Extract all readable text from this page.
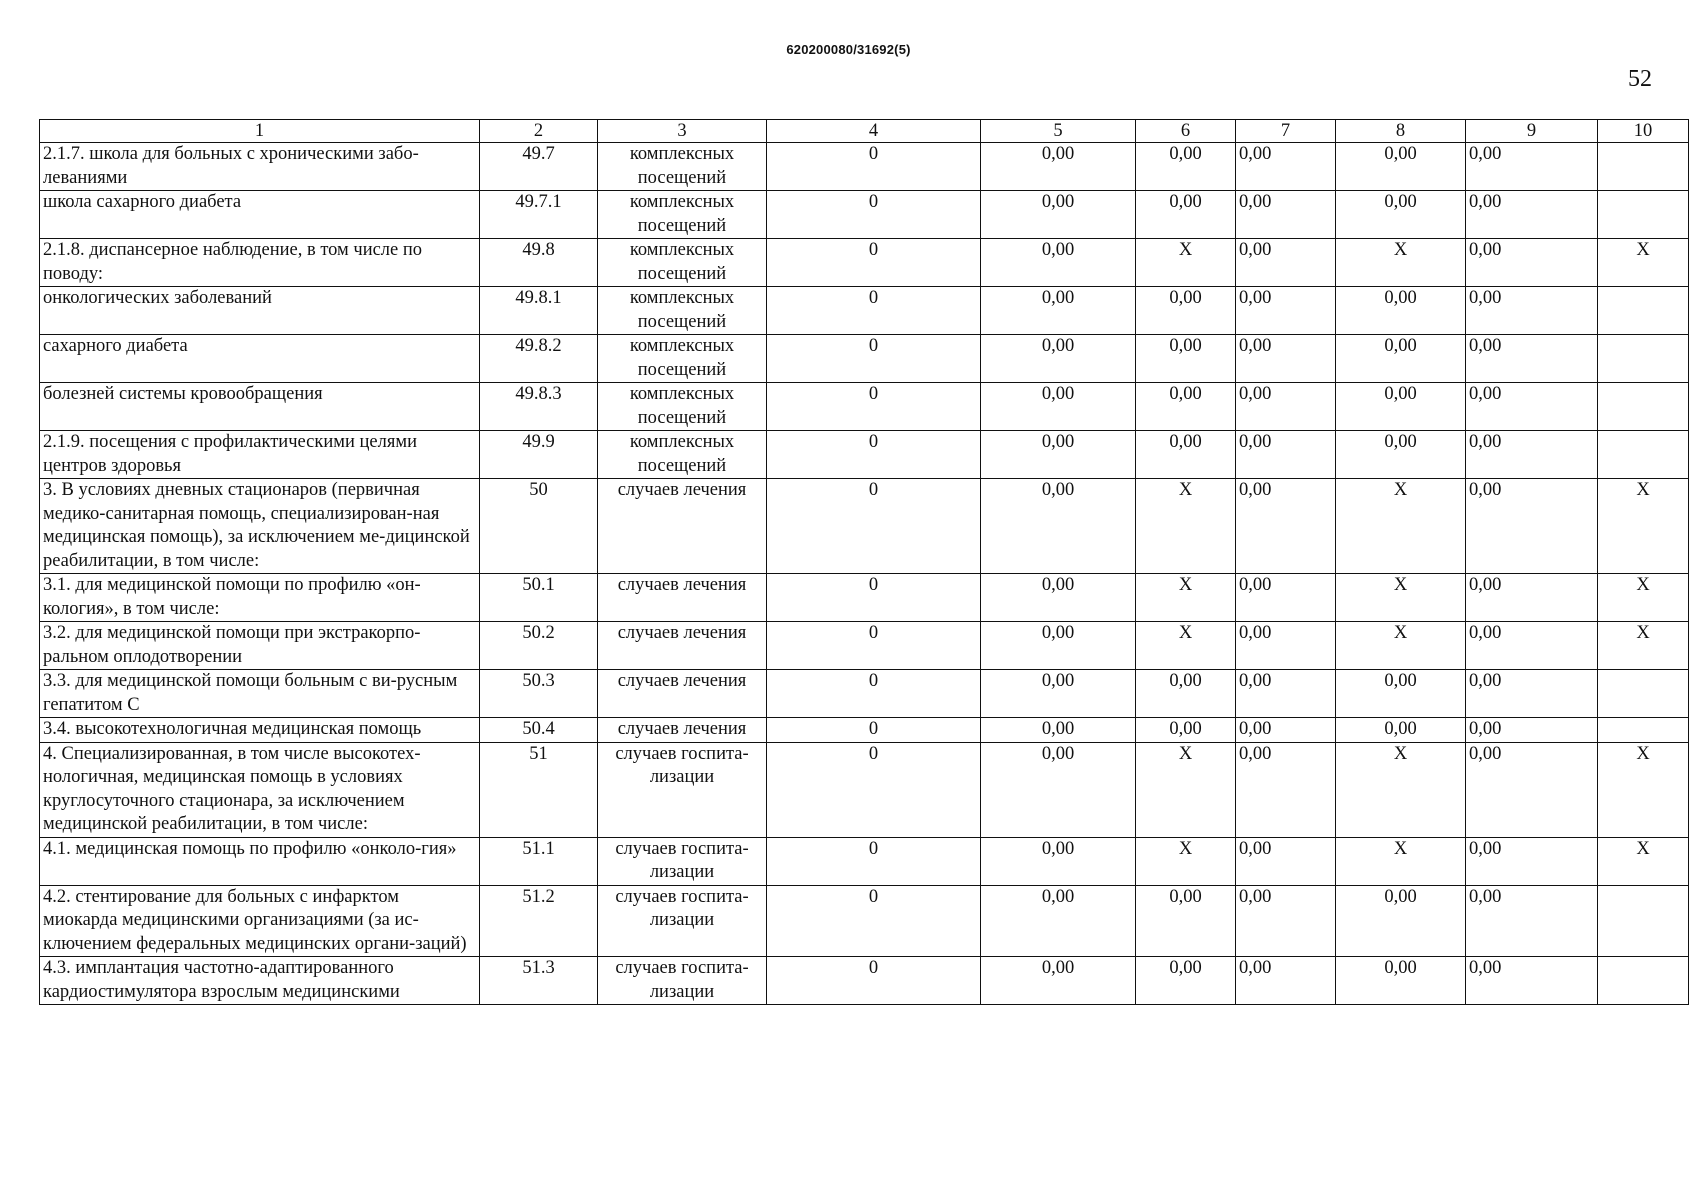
620200080/31692(5)
52
1	2	3	4	5	6	7	8	9	10
2.1.7. школа для больных с хроническими забо-левaниями	49.7	комплексных посещений	0	0,00	0,00	0,00	0,00	0,00	
школа сахарного диабета	49.7.1	комплексных посещений	0	0,00	0,00	0,00	0,00	0,00	
2.1.8. диспансерное наблюдение, в том числе по поводу:	49.8	комплексных посещений	0	0,00	X	0,00	X	0,00	X
онкологических заболеваний	49.8.1	комплексных посещений	0	0,00	0,00	0,00	0,00	0,00	
сахарного диабета	49.8.2	комплексных посещений	0	0,00	0,00	0,00	0,00	0,00	
болезней системы кровообращения	49.8.3	комплексных посещений	0	0,00	0,00	0,00	0,00	0,00	
2.1.9. посещения с профилактическими целями центров здоровья	49.9	комплексных посещений	0	0,00	0,00	0,00	0,00	0,00	
3. В условиях дневных стационаров (первичная медико-санитарная помощь, специализирован-ная медицинская помощь), за исключением ме-дицинской реабилитации, в том числе:	50	случаев лечения	0	0,00	X	0,00	X	0,00	X
3.1. для медицинской помощи по профилю «он-кология», в том числе:	50.1	случаев лечения	0	0,00	X	0,00	X	0,00	X
3.2. для медицинской помощи при экстракорпо-ральном оплодотворении	50.2	случаев лечения	0	0,00	X	0,00	X	0,00	X
3.3. для медицинской помощи больным с ви-русным гепатитом С	50.3	случаев лечения	0	0,00	0,00	0,00	0,00	0,00	
3.4. высокотехнологичная медицинская помощь	50.4	случаев лечения	0	0,00	0,00	0,00	0,00	0,00	
4. Специализированная, в том числе высокотех-нологичная, медицинская помощь в условиях круглосуточного стационара, за исключением медицинской реабилитации, в том числе:	51	случаев госпита-лизации	0	0,00	X	0,00	X	0,00	X
4.1. медицинская помощь по профилю «онколо-гия»	51.1	случаев госпита-лизации	0	0,00	X	0,00	X	0,00	X
4.2. стентирование для больных с инфарктом миокарда медицинскими организациями (за ис-ключением федеральных медицинских органи-заций)	51.2	случаев госпита-лизации	0	0,00	0,00	0,00	0,00	0,00	
4.3. имплантация частотно-адаптированного кардиостимулятора взрослым медицинскими	51.3	случаев госпита-лизации	0	0,00	0,00	0,00	0,00	0,00	
